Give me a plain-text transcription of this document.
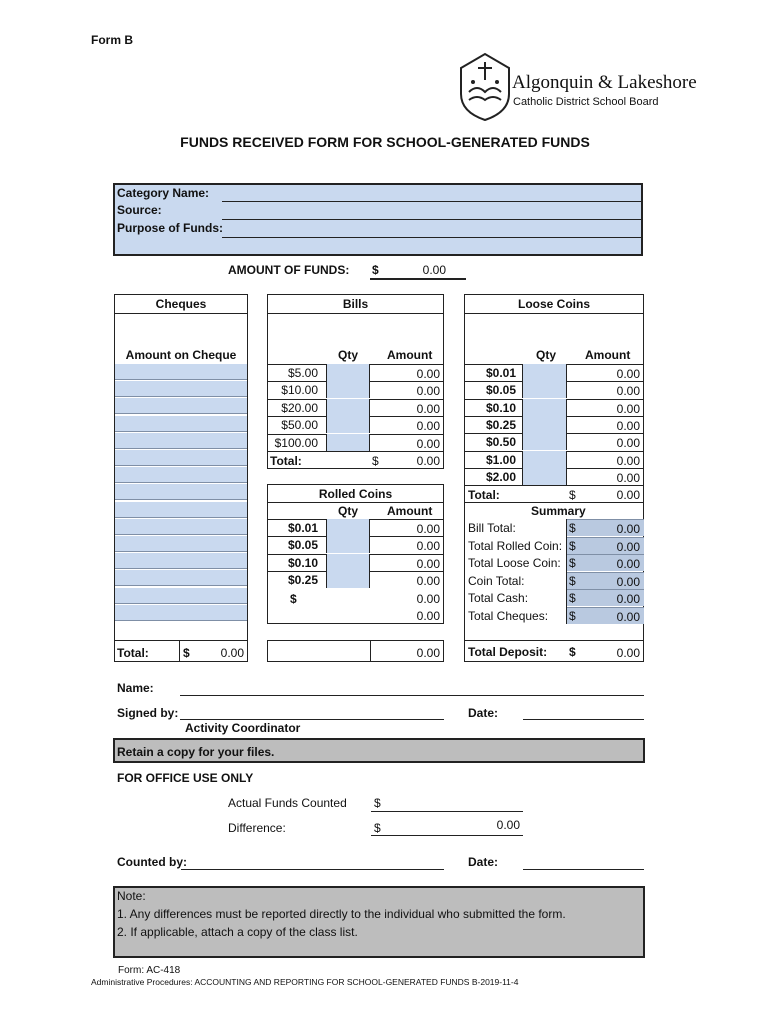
Form B
Algonquin & Lakeshore
Catholic District School Board
FUNDS RECEIVED FORM FOR SCHOOL-GENERATED FUNDS
Category Name:
Source:
Purpose of Funds:
AMOUNT OF FUNDS: $	0.00
Cheques
Amount on Cheque
Total:	$	0.00
Bills
Qty Amount
$5.00	0.00
$10.00	0.00
$20.00	0.00
$50.00	0.00
$100.00	0.00
Total:	$	0.00
Rolled Coins
Qty Amount
$0.01	0.00
$0.05	0.00
$0.10	0.00
$0.25	0.00
$	0.00
0.00
0.00
Loose Coins
Qty Amount
$0.01	0.00
$0.05	0.00
$0.10	0.00
$0.25	0.00
$0.50	0.00
$1.00	0.00
$2.00	0.00
Total:	$	0.00
Summary
Bill Total:	$	0.00
Total Rolled Coin: $	0.00
Total Loose Coin: $	0.00
Coin Total:	$	0.00
Total Cash:	$	0.00
Total Cheques: $	0.00
Total Deposit: $	0.00
Name:
Signed by:
Activity Coordinator
Date:
Retain a copy for your files.
FOR OFFICE USE ONLY
Actual Funds Counted $
Difference:	$	0.00
Counted by:	Date:
Note:
1. Any differences must be reported directly to the individual who submitted the form.
2. If applicable, attach a copy of the class list.
Form: AC-418
Administrative Procedures: ACCOUNTING AND REPORTING FOR SCHOOL-GENERATED FUNDS B-2019-11-4
